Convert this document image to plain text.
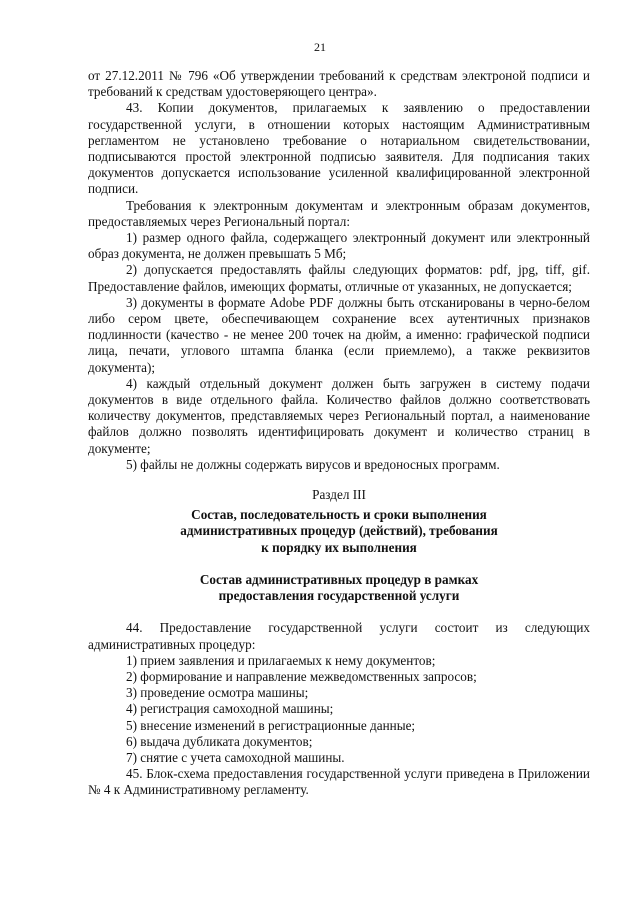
21

от 27.12.2011 № 796 «Об утверждении требований к средствам электроной подписи и требований к средствам удостоверяющего центра».

43. Копии документов, прилагаемых к заявлению о предоставлении государственной услуги, в отношении которых настоящим Административным регламентом не установлено требование о нотариальном свидетельствовании, подписываются простой электронной подписью заявителя. Для подписания таких документов допускается использование усиленной квалифицированной электронной подписи.

Требования к электронным документам и электронным образам документов, предоставляемых через Региональный портал:

1) размер одного файла, содержащего электронный документ или электронный образ документа, не должен превышать 5 Мб;

2) допускается предоставлять файлы следующих форматов: pdf, jpg, tiff, gif. Предоставление файлов, имеющих форматы, отличные от указанных, не допускается;

3) документы в формате Adobe PDF должны быть отсканированы в черно-белом либо сером цвете, обеспечивающем сохранение всех аутентичных признаков подлинности (качество - не менее 200 точек на дюйм, а именно: графической подписи лица, печати, углового штампа бланка (если приемлемо), а также реквизитов документа);

4) каждый отдельный документ должен быть загружен в систему подачи документов в виде отдельного файла. Количество файлов должно соответствовать количеству документов, представляемых через Региональный портал, а наименование файлов должно позволять идентифицировать документ и количество страниц в документе;

5) файлы не должны содержать вирусов и вредоносных программ.

Раздел III

Состав, последовательность и сроки выполнения

административных процедур (действий), требования

к порядку их выполнения

Состав административных процедур в рамках

предоставления государственной услуги

44. Предоставление государственной услуги состоит из следующих административных процедур:

1) прием заявления и прилагаемых к нему документов;

2) формирование и направление межведомственных запросов;

3) проведение осмотра машины;

4) регистрация самоходной машины;

5) внесение изменений в регистрационные данные;

6) выдача дубликата документов;

7) снятие с учета самоходной машины.

45. Блок-схема предоставления государственной услуги приведена в Приложении № 4 к Административному регламенту.
